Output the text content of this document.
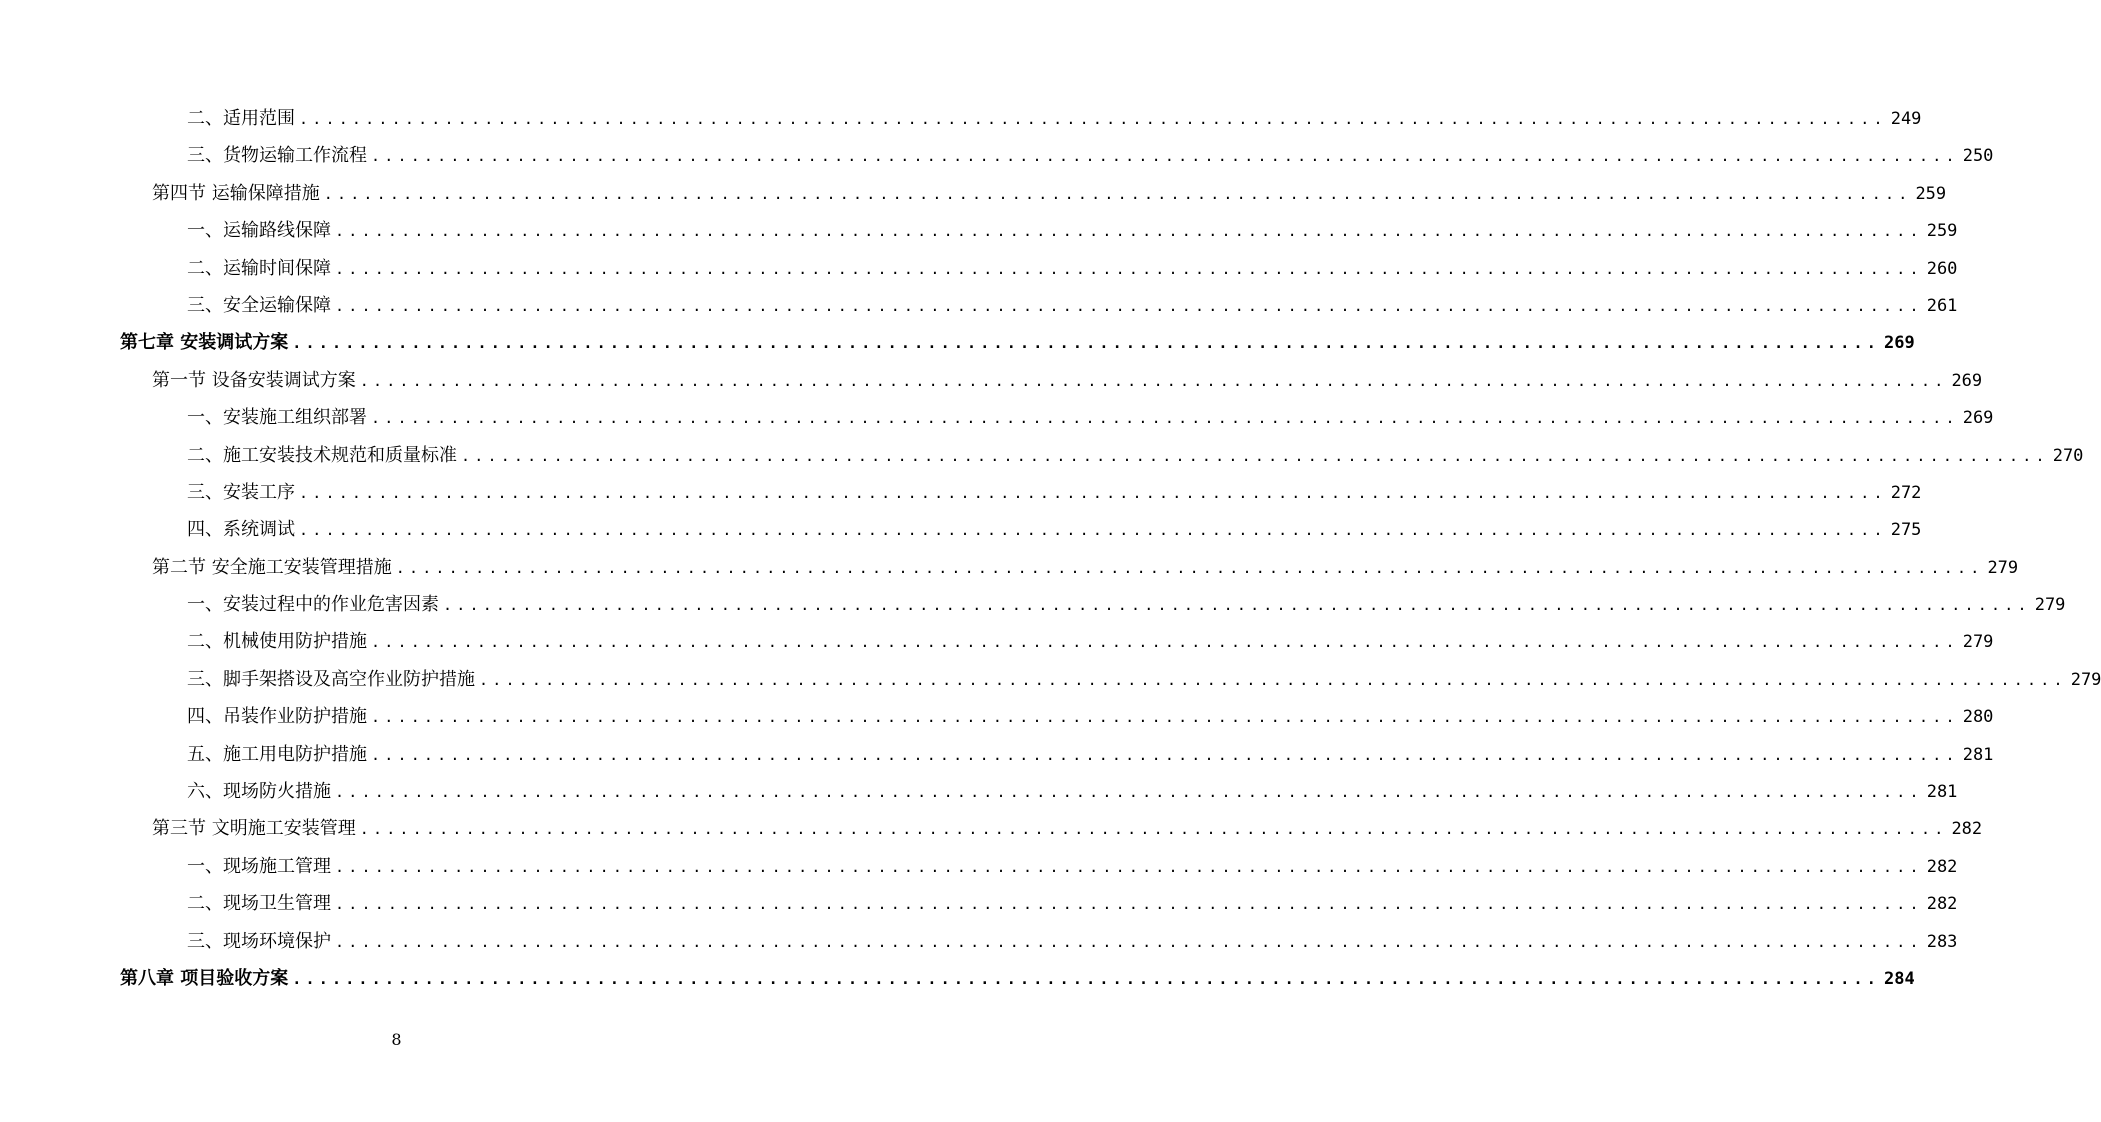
二、适用范围 ........................................................................................................................ 249
三、货物运输工作流程 ........................................................................................................................ 250
第四节 运输保障措施 ........................................................................................................................ 259
一、运输路线保障 ........................................................................................................................ 259
二、运输时间保障 ........................................................................................................................ 260
三、安全运输保障 ........................................................................................................................ 261
第七章 安装调试方案 ........................................................................................................................ 269
第一节 设备安装调试方案 ........................................................................................................................ 269
一、安装施工组织部署 ........................................................................................................................ 269
二、施工安装技术规范和质量标准 ........................................................................................................................ 270
三、安装工序 ........................................................................................................................ 272
四、系统调试 ........................................................................................................................ 275
第二节 安全施工安装管理措施 ........................................................................................................................ 279
一、安装过程中的作业危害因素 ........................................................................................................................ 279
二、机械使用防护措施 ........................................................................................................................ 279
三、脚手架搭设及高空作业防护措施 ........................................................................................................................ 279
四、吊装作业防护措施 ........................................................................................................................ 280
五、施工用电防护措施 ........................................................................................................................ 281
六、现场防火措施 ........................................................................................................................ 281
第三节 文明施工安装管理 ........................................................................................................................ 282
一、现场施工管理 ........................................................................................................................ 282
二、现场卫生管理 ........................................................................................................................ 282
三、现场环境保护 ........................................................................................................................ 283
第八章 项目验收方案 ........................................................................................................................ 284
8
